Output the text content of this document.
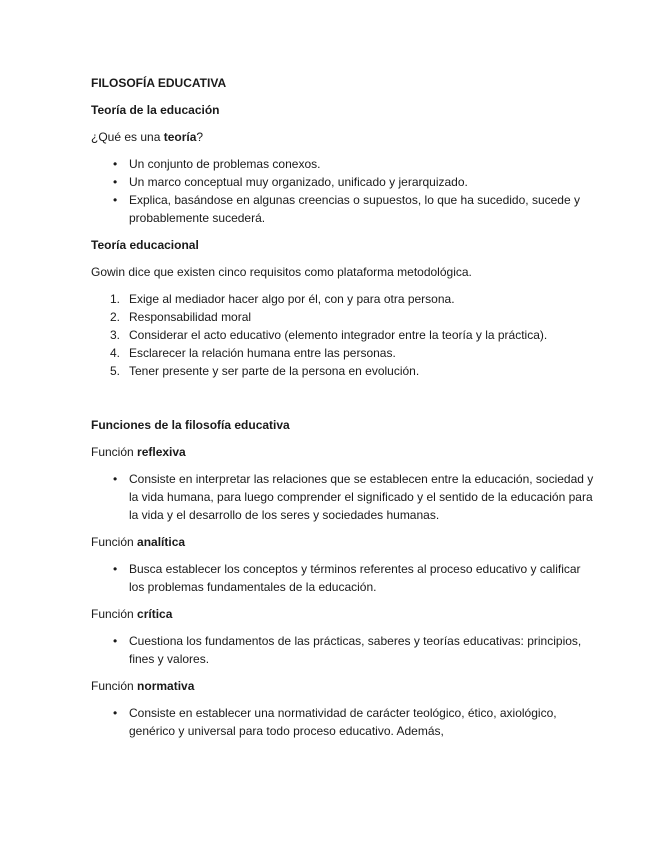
FILOSOFÍA EDUCATIVA

Teoría de la educación

¿Qué es una teoría?

• Un conjunto de problemas conexos.
• Un marco conceptual muy organizado, unificado y jerarquizado.
• Explica, basándose en algunas creencias o supuestos, lo que ha sucedido, sucede y probablemente sucederá.

Teoría educacional

Gowin dice que existen cinco requisitos como plataforma metodológica.

1. Exige al mediador hacer algo por él, con y para otra persona.
2. Responsabilidad moral
3. Considerar el acto educativo (elemento integrador entre la teoría y la práctica).
4. Esclarecer la relación humana entre las personas.
5. Tener presente y ser parte de la persona en evolución.

Funciones de la filosofía educativa

Función reflexiva

• Consiste en interpretar las relaciones que se establecen entre la educación, sociedad y la vida humana, para luego comprender el significado y el sentido de la educación para la vida y el desarrollo de los seres y sociedades humanas.

Función analítica

• Busca establecer los conceptos y términos referentes al proceso educativo y calificar los problemas fundamentales de la educación.

Función crítica

• Cuestiona los fundamentos de las prácticas, saberes y teorías educativas: principios, fines y valores.

Función normativa

• Consiste en establecer una normatividad de carácter teológico, ético, axiológico, genérico y universal para todo proceso educativo. Además,
